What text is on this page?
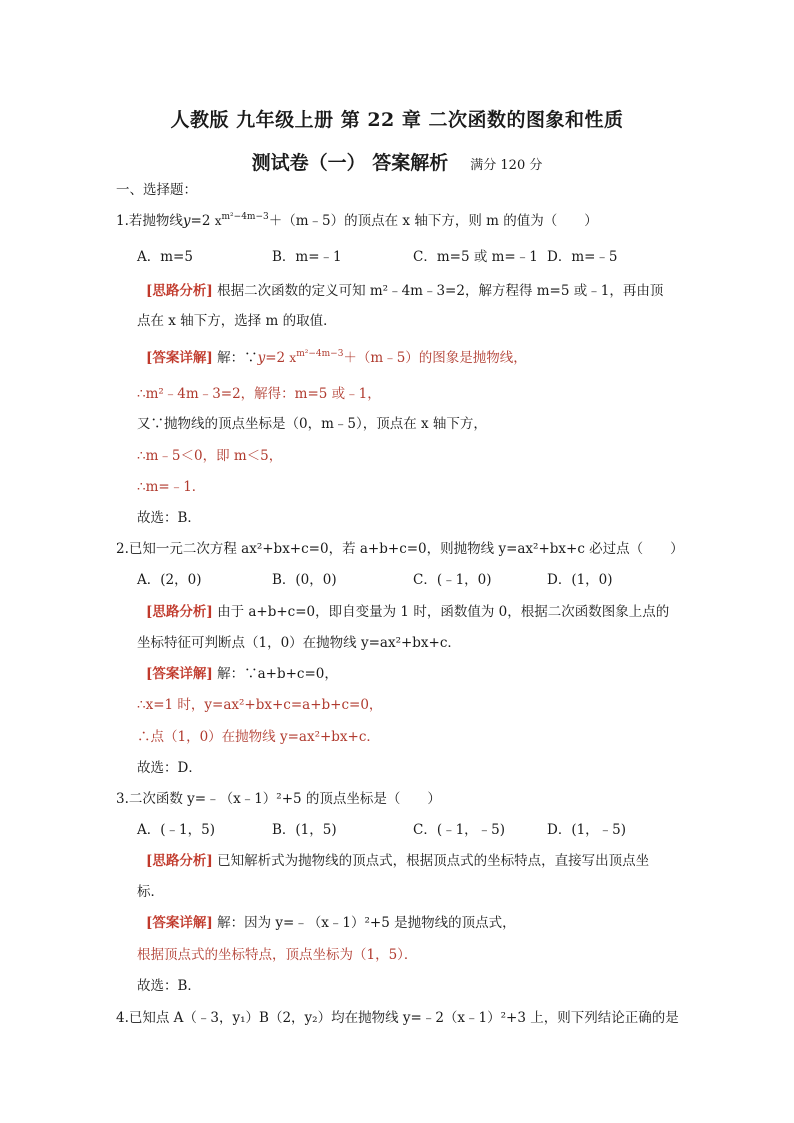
人教版 九年级上册 第 22 章 二次函数的图象和性质
测试卷（一） 答案解析 满分 120 分
一、选择题：
1.若抛物线y=2 $x^{m^2-4m-3}+(m﹣5)$的顶点在 x 轴下方，则 m 的值为（　　）
A．m=5	B．m=﹣1	C．m=5 或 m=﹣1 D．m=﹣5
[思路分析] 根据二次函数的定义可知 m²﹣4m﹣3=2，解方程得 m=5 或﹣1，再由顶
点在 x 轴下方，选择 m 的取值．
[答案详解] 解：∵y=2 $x^{m^2-4m-3}+(m﹣5)$的图象是抛物线，
∴m²﹣4m﹣3=2，解得：m=5 或﹣1，
又∵抛物线的顶点坐标是（0，m﹣5），顶点在 x 轴下方，
∴m﹣5＜0，即 m＜5，
∴m=﹣1．
故选：B．
2.已知一元二次方程 ax²+bx+c=0，若 a+b+c=0，则抛物线 y=ax²+bx+c 必过点（　　）
A．(2，0)	B．(0，0)	C．(﹣1，0)	D．(1，0)
[思路分析] 由于 a+b+c=0，即自变量为 1 时，函数值为 0，根据二次函数图象上点的
坐标特征可判断点（1，0）在抛物线 y=ax²+bx+c．
[答案详解] 解：∵a+b+c=0，
∴x=1 时，y=ax²+bx+c=a+b+c=0，
∴点（1，0）在抛物线 y=ax²+bx+c．
故选：D．
3.二次函数 y=﹣（x﹣1）²+5 的顶点坐标是（　　）
A．(﹣1，5)	B．(1，5)	C．(﹣1，﹣5)	D．(1，﹣5)
[思路分析] 已知解析式为抛物线的顶点式，根据顶点式的坐标特点，直接写出顶点坐
标．
[答案详解] 解：因为 y=﹣（x﹣1）²+5 是抛物线的顶点式，
根据顶点式的坐标特点，顶点坐标为（1，5）．
故选：B．
4.已知点 A（﹣3，y₁）B（2，y₂）均在抛物线 y=﹣2（x﹣1）²+3 上，则下列结论正确的是
